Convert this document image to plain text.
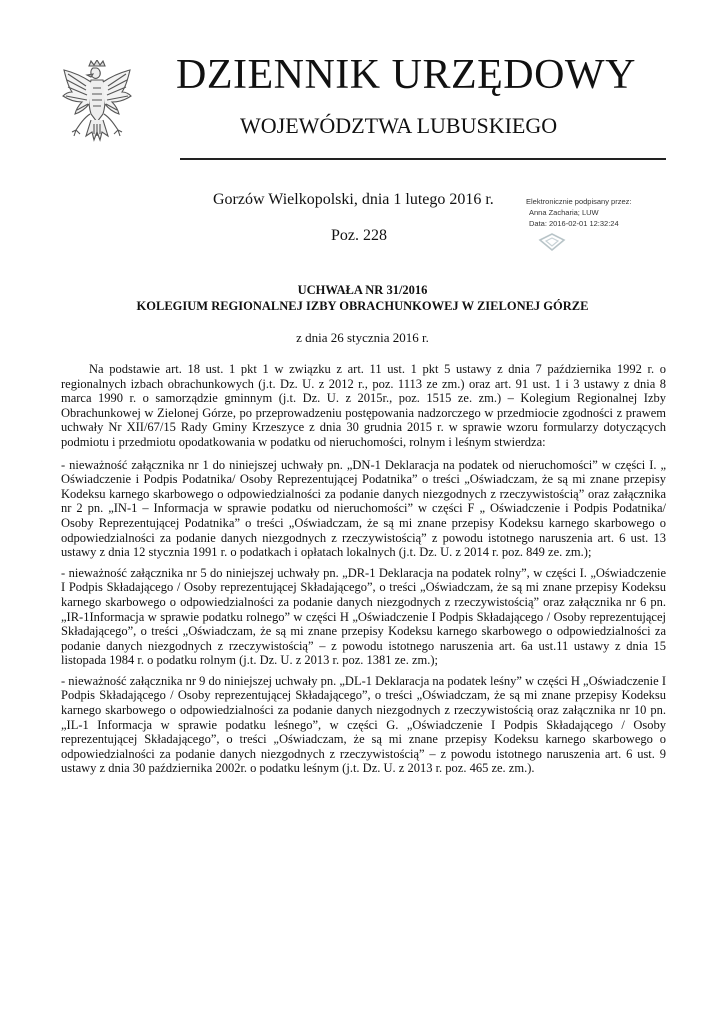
DZIENNIK URZĘDOWY
WOJEWÓDZTWA LUBUSKIEGO
Gorzów Wielkopolski, dnia 1 lutego 2016 r.
Poz. 228
Elektronicznie podpisany przez:
Anna Zacharia; LUW
Data: 2016-02-01 12:32:24
UCHWAŁA NR 31/2016
KOLEGIUM REGIONALNEJ IZBY OBRACHUNKOWEJ W ZIELONEJ GÓRZE
z dnia 26 stycznia 2016 r.

Na podstawie art. 18 ust. 1 pkt 1 w związku z art. 11 ust. 1 pkt 5 ustawy z dnia 7 października 1992 r. o regionalnych izbach obrachunkowych (j.t. Dz. U. z 2012 r., poz. 1113 ze zm.) oraz art. 91 ust. 1 i 3 ustawy z dnia 8 marca 1990 r. o samorządzie gminnym (j.t. Dz. U. z 2015r., poz. 1515 ze. zm.) – Kolegium Regionalnej Izby Obrachunkowej w Zielonej Górze, po przeprowadzeniu postępowania nadzorczego w przedmiocie zgodności z prawem uchwały Nr XII/67/15 Rady Gminy Krzeszyce z dnia 30 grudnia 2015 r. w sprawie wzoru formularzy dotyczących podmiotu i przedmiotu opodatkowania w podatku od nieruchomości, rolnym i leśnym stwierdza:

- nieważność załącznika nr 1 do niniejszej uchwały pn. „DN-1 Deklaracja na podatek od nieruchomości” w części I. „ Oświadczenie i Podpis Podatnika/ Osoby Reprezentującej Podatnika” o treści „Oświadczam, że są mi znane przepisy Kodeksu karnego skarbowego o odpowiedzialności za podanie danych niezgodnych z rzeczywistością” oraz załącznika nr 2 pn. „IN-1 – Informacja w sprawie podatku od nieruchomości” w części F „ Oświadczenie i Podpis Podatnika/ Osoby Reprezentującej Podatnika” o treści „Oświadczam, że są mi znane przepisy Kodeksu karnego skarbowego o odpowiedzialności za podanie danych niezgodnych z rzeczywistością” z powodu istotnego naruszenia art. 6 ust. 13 ustawy z dnia 12 stycznia 1991 r. o podatkach i opłatach lokalnych (j.t. Dz. U. z 2014 r. poz. 849 ze. zm.);

- nieważność załącznika nr 5 do niniejszej uchwały pn. „DR-1 Deklaracja na podatek rolny”, w części I. „Oświadczenie I Podpis Składającego / Osoby reprezentującej Składającego”, o treści „Oświadczam, że są mi znane przepisy Kodeksu karnego skarbowego o odpowiedzialności za podanie danych niezgodnych z rzeczywistością” oraz załącznika nr 6 pn. „IR-1Informacja w sprawie podatku rolnego” w części H „Oświadczenie I Podpis Składającego / Osoby reprezentującej Składającego”, o treści „Oświadczam, że są mi znane przepisy Kodeksu karnego skarbowego o odpowiedzialności za podanie danych niezgodnych z rzeczywistością” – z powodu istotnego naruszenia art. 6a ust.11 ustawy z dnia 15 listopada 1984 r. o podatku rolnym (j.t. Dz. U. z 2013 r. poz. 1381 ze. zm.);

- nieważność załącznika nr 9 do niniejszej uchwały pn. „DL-1 Deklaracja na podatek leśny” w części H „Oświadczenie I Podpis Składającego / Osoby reprezentującej Składającego”, o treści „Oświadczam, że są mi znane przepisy Kodeksu karnego skarbowego o odpowiedzialności za podanie danych niezgodnych z rzeczywistością oraz załącznika nr 10 pn. „IL-1 Informacja w sprawie podatku leśnego”, w części G. „Oświadczenie I Podpis Składającego / Osoby reprezentującej Składającego”, o treści „Oświadczam, że są mi znane przepisy Kodeksu karnego skarbowego o odpowiedzialności za podanie danych niezgodnych z rzeczywistością” – z powodu istotnego naruszenia art. 6 ust. 9 ustawy z dnia 30 października 2002r. o podatku leśnym (j.t. Dz. U. z 2013 r. poz. 465 ze. zm.).
